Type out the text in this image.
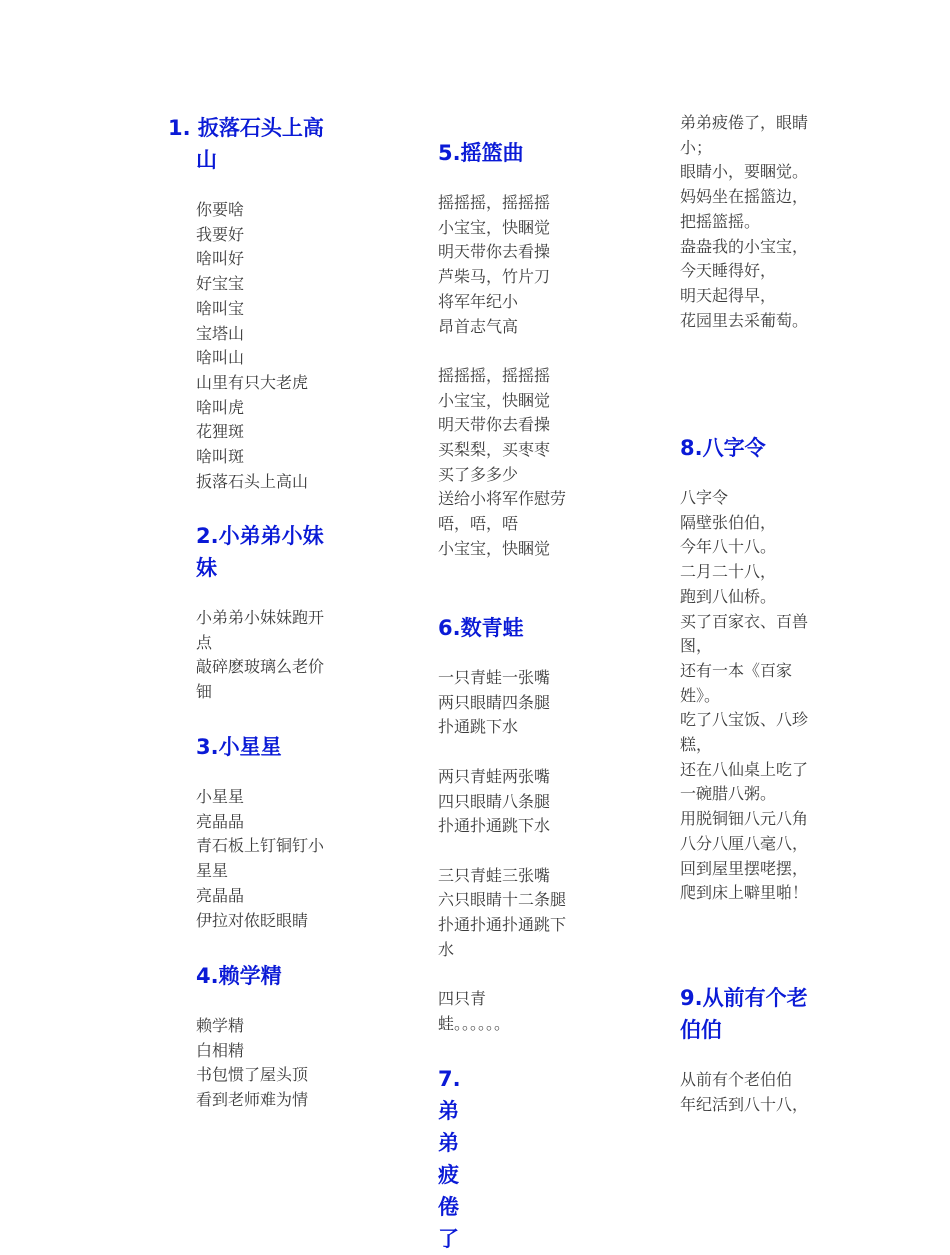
1. 扳落石头上高
山
你要啥
我要好
啥叫好
好宝宝
啥叫宝
宝塔山
啥叫山
山里有只大老虎
啥叫虎
花狸斑
啥叫斑
扳落石头上高山
2.小弟弟小妹
妹
小弟弟小妹妹跑开
点
敲碎麽玻璃么老价
钿
3.小星星
小星星
亮晶晶
青石板上钉铜钉小
星星
亮晶晶
伊拉对侬眨眼睛
4.赖学精
赖学精
白相精
书包惯了屋头顶
看到老师难为情
5.摇篮曲
摇摇摇，摇摇摇
小宝宝，快睏觉
明天带你去看操
芦柴马，竹片刀
将军年纪小
昂首志气高
摇摇摇，摇摇摇
小宝宝，快睏觉
明天带你去看操
买梨梨，买枣枣
买了多多少
送给小将军作慰劳
唔，唔，唔
小宝宝，快睏觉
6.数青蛙
一只青蛙一张嘴
两只眼睛四条腿
扑通跳下水
两只青蛙两张嘴
四只眼睛八条腿
扑通扑通跳下水
三只青蛙三张嘴
六只眼睛十二条腿
扑通扑通扑通跳下
水
四只青
蛙。。。。。。
7.弟弟疲倦了
弟弟疲倦了，眼睛
小；
眼睛小，要睏觉。
妈妈坐在摇篮边，
把摇篮摇。
盎盎我的小宝宝，
今天睡得好，
明天起得早，
花园里去采葡萄。
8.八字令
八字令
隔壁张伯伯，
今年八十八。
二月二十八，
跑到八仙桥。
买了百家衣、百兽
图，
还有一本《百家
姓》。
吃了八宝饭、八珍
糕，
还在八仙桌上吃了
一碗腊八粥。
用脱铜钿八元八角
八分八厘八毫八，
回到屋里摆咾摆，
爬到床上噼里啪！
9.从前有个老
伯伯
从前有个老伯伯
年纪活到八十八，
